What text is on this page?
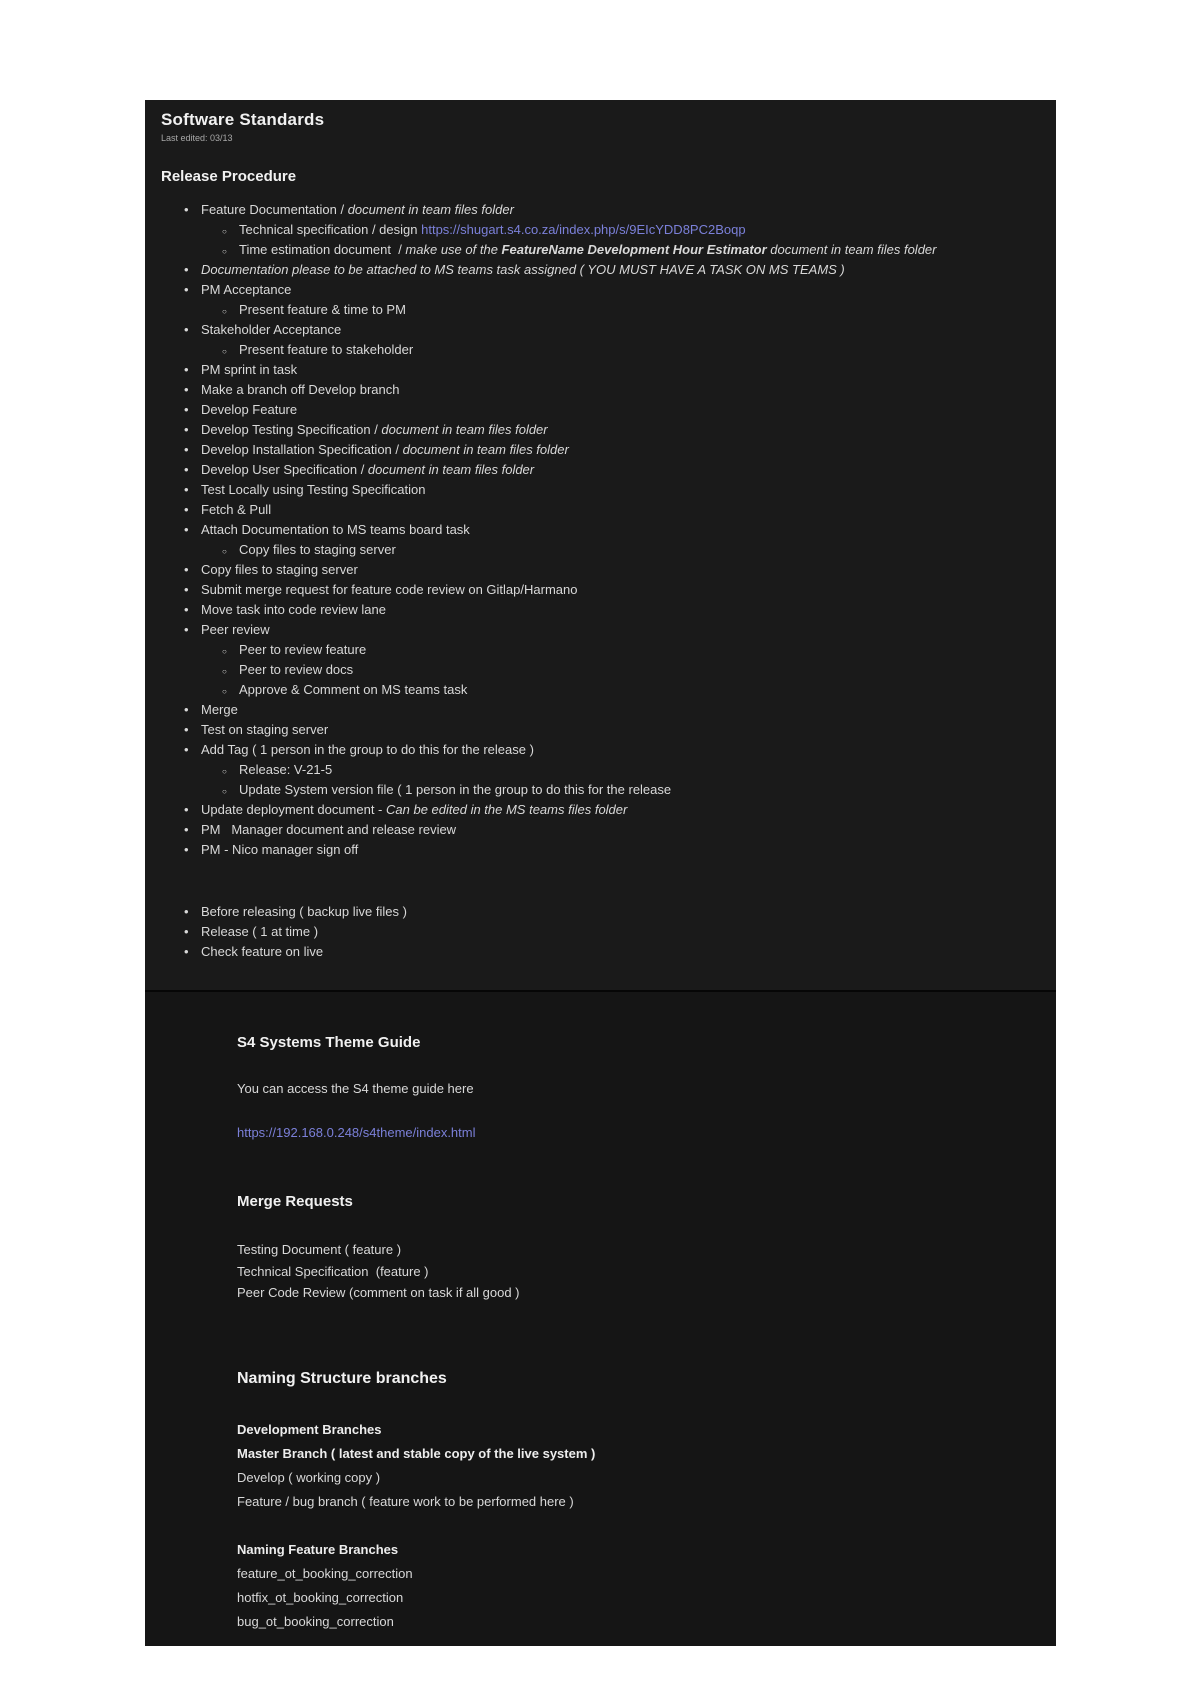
Software Standards
Last edited: 03/13
Release Procedure
• Feature Documentation / document in team files folder
○ Technical specification / design https://shugart.s4.co.za/index.php/s/9EIcYDD8PC2Boqp
○ Time estimation document  / make use of the FeatureName Development Hour Estimator document in team files folder
• Documentation please to be attached to MS teams task assigned ( YOU MUST HAVE A TASK ON MS TEAMS )
• PM Acceptance
○ Present feature & time to PM
• Stakeholder Acceptance
○ Present feature to stakeholder
• PM sprint in task
• Make a branch off Develop branch
• Develop Feature
• Develop Testing Specification / document in team files folder
• Develop Installation Specification / document in team files folder
• Develop User Specification / document in team files folder
• Test Locally using Testing Specification
• Fetch & Pull
• Attach Documentation to MS teams board task
○ Copy files to staging server
• Copy files to staging server
• Submit merge request for feature code review on Gitlap/Harmano
• Move task into code review lane
• Peer review
○ Peer to review feature
○ Peer to review docs
○ Approve & Comment on MS teams task
• Merge
• Test on staging server
• Add Tag ( 1 person in the group to do this for the release )
○ Release: V-21-5
○ Update System version file ( 1 person in the group to do this for the release
• Update deployment document - Can be edited in the MS teams files folder
• PM   Manager document and release review
• PM - Nico manager sign off
• Before releasing ( backup live files )
• Release ( 1 at time )
• Check feature on live
S4 Systems Theme Guide

You can access the S4 theme guide here

https://192.168.0.248/s4theme/index.html
Merge Requests
Testing Document ( feature )
Technical Specification  (feature )
Peer Code Review (comment on task if all good )
Naming Structure branches
Development Branches
Master Branch ( latest and stable copy of the live system )
Develop ( working copy )
Feature / bug branch ( feature work to be performed here )
Naming Feature Branches
feature_ot_booking_correction
hotfix_ot_booking_correction
bug_ot_booking_correction
